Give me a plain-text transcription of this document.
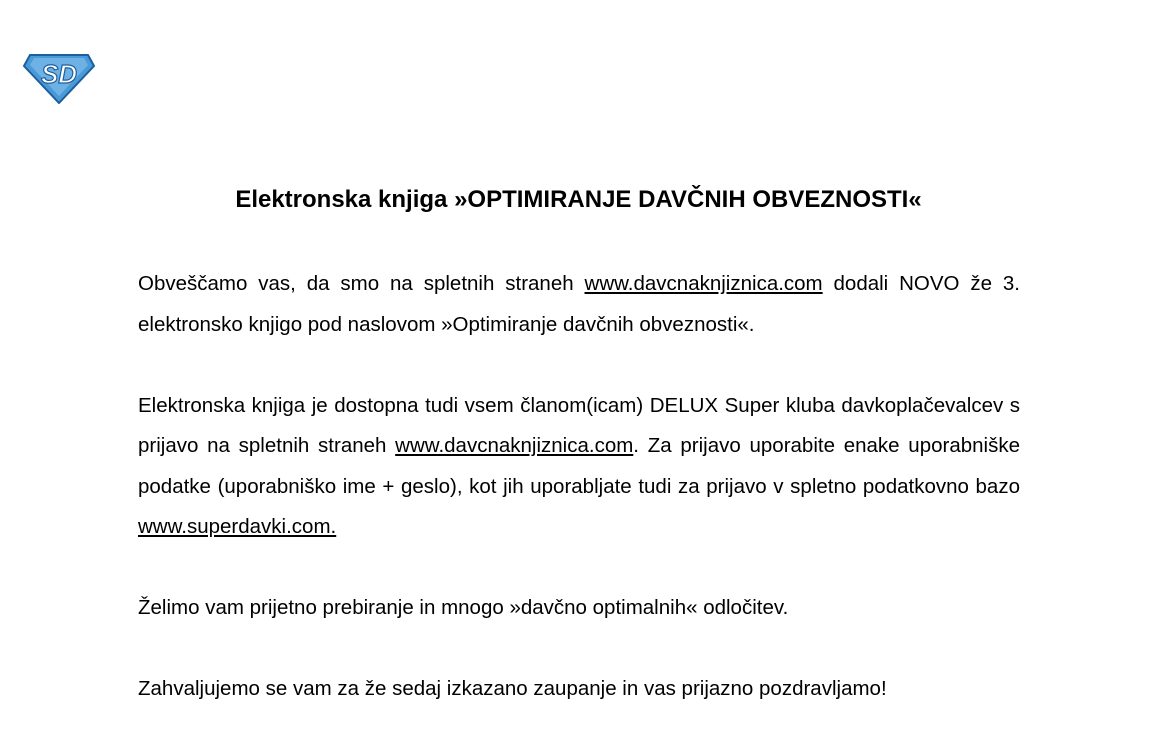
SD
Elektronska knjiga »OPTIMIRANJE DAVČNIH OBVEZNOSTI«

Obveščamo vas, da smo na spletnih straneh www.davcnaknjiznica.com dodali NOVO že 3. elektronsko knjigo pod naslovom »Optimiranje davčnih obveznosti«.

Elektronska knjiga je dostopna tudi vsem članom(icam) DELUX Super kluba davkoplačevalcev s prijavo na spletnih straneh www.davcnaknjiznica.com. Za prijavo uporabite enake uporabniške podatke (uporabniško ime + geslo), kot jih uporabljate tudi za prijavo v spletno podatkovno bazo www.superdavki.com.

Želimo vam prijetno prebiranje in mnogo »davčno optimalnih« odločitev.

Zahvaljujemo se vam za že sedaj izkazano zaupanje in vas prijazno pozdravljamo!
